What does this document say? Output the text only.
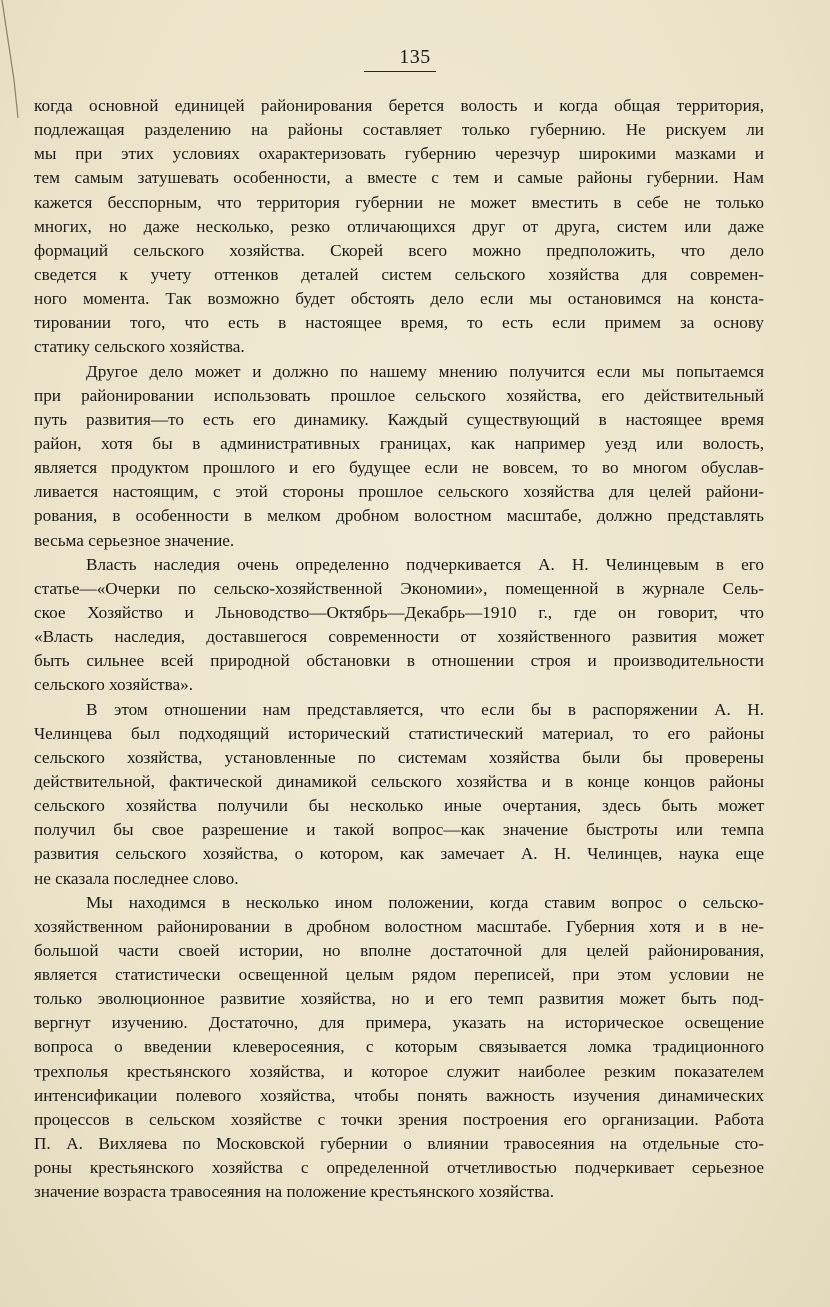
135
когда основной единицей районирования берется волость и когда общая территория,
подлежащая разделению на районы составляет только губернию. Не рискуем ли
мы при этих условиях охарактеризовать губернию черезчур широкими мазками и
тем самым затушевать особенности, а вместе с тем и самые районы губернии. Нам
кажется бесспорным, что территория губернии не может вместить в себе не только
многих, но даже несколько, резко отличающихся друг от друга, систем или даже
формаций сельского хозяйства. Скорей всего можно предположить, что дело
сведется к учету оттенков деталей систем сельского хозяйства для современ-
ного момента. Так возможно будет обстоять дело если мы остановимся на конста-
тировании того, что есть в настоящее время, то есть если примем за основу
статику сельского хозяйства.
Другое дело может и должно по нашему мнению получится если мы попытаемся
при районировании использовать прошлое сельского хозяйства, его действительный
путь развития—то есть его динамику. Каждый существующий в настоящее время
район, хотя бы в административных границах, как например уезд или волость,
является продуктом прошлого и его будущее если не вовсем, то во многом обуслав-
ливается настоящим, с этой стороны прошлое сельского хозяйства для целей райони-
рования, в особенности в мелком дробном волостном масштабе, должно представлять
весьма серьезное значение.
Власть наследия очень определенно подчеркивается А. Н. Челинцевым в его
статье—«Очерки по сельско-хозяйственной Экономии», помещенной в журнале Сель-
ское Хозяйство и Льноводство—Октябрь—Декабрь—1910 г., где он говорит, что
«Власть наследия, доставшегося современности от хозяйственного развития может
быть сильнее всей природной обстановки в отношении строя и производительности
сельского хозяйства».
В этом отношении нам представляется, что если бы в распоряжении А. Н.
Челинцева был подходящий исторический статистический материал, то его районы
сельского хозяйства, установленные по системам хозяйства были бы проверены
действительной, фактической динамикой сельского хозяйства и в конце концов районы
сельского хозяйства получили бы несколько иные очертания, здесь быть может
получил бы свое разрешение и такой вопрос—как значение быстроты или темпа
развития сельского хозяйства, о котором, как замечает А. Н. Челинцев, наука еще
не сказала последнее слово.
Мы находимся в несколько ином положении, когда ставим вопрос о сельско-
хозяйственном районировании в дробном волостном масштабе. Губерния хотя и в не-
большой части своей истории, но вполне достаточной для целей районирования,
является статистически освещенной целым рядом переписей, при этом условии не
только эволюционное развитие хозяйства, но и его темп развития может быть под-
вергнут изучению. Достаточно, для примера, указать на историческое освещение
вопроса о введении клеверосеяния, с которым связывается ломка традиционного
трехполья крестьянского хозяйства, и которое служит наиболее резким показателем
интенсификации полевого хозяйства, чтобы понять важность изучения динамических
процессов в сельском хозяйстве с точки зрения построения его организации. Работа
П. А. Вихляева по Московской губернии о влиянии травосеяния на отдельные сто-
роны крестьянского хозяйства с определенной отчетливостью подчеркивает серьезное
значение возраста травосеяния на положение крестьянского хозяйства.
